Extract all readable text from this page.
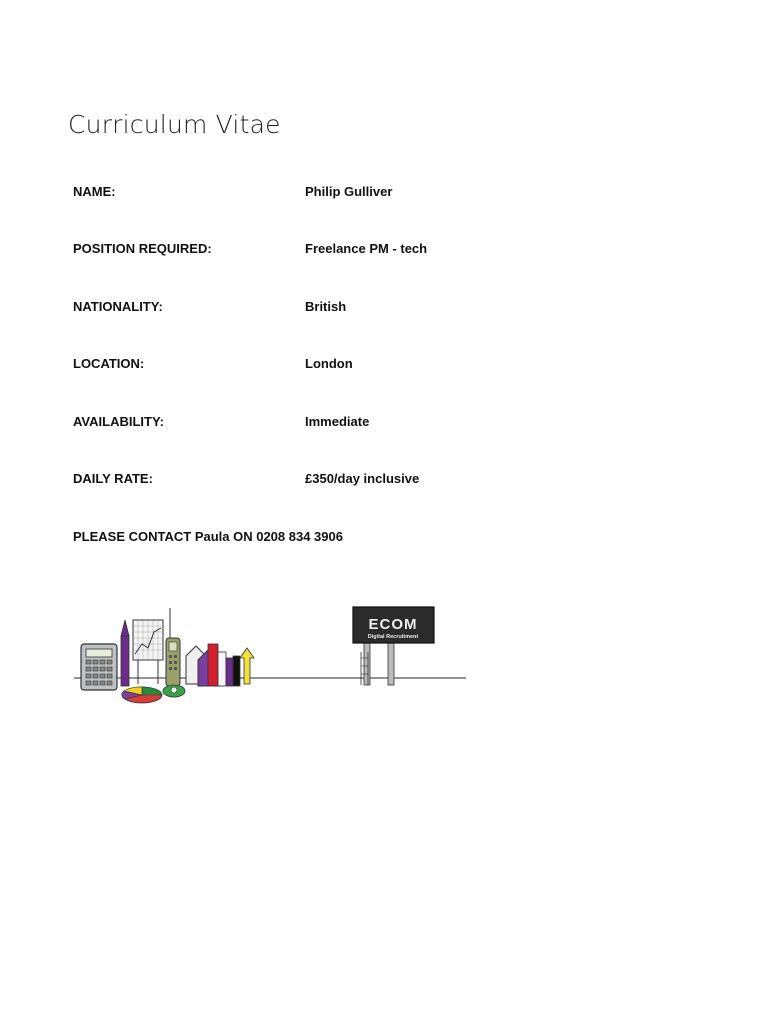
Curriculum Vitae
NAME:	Philip Gulliver
POSITION REQUIRED:	Freelance PM - tech
NATIONALITY:	British
LOCATION:	London
AVAILABILITY:	Immediate
DAILY RATE:	£350/day inclusive
PLEASE CONTACT Paula ON 0208 834 3906
ECOM
Digital Recruitment
